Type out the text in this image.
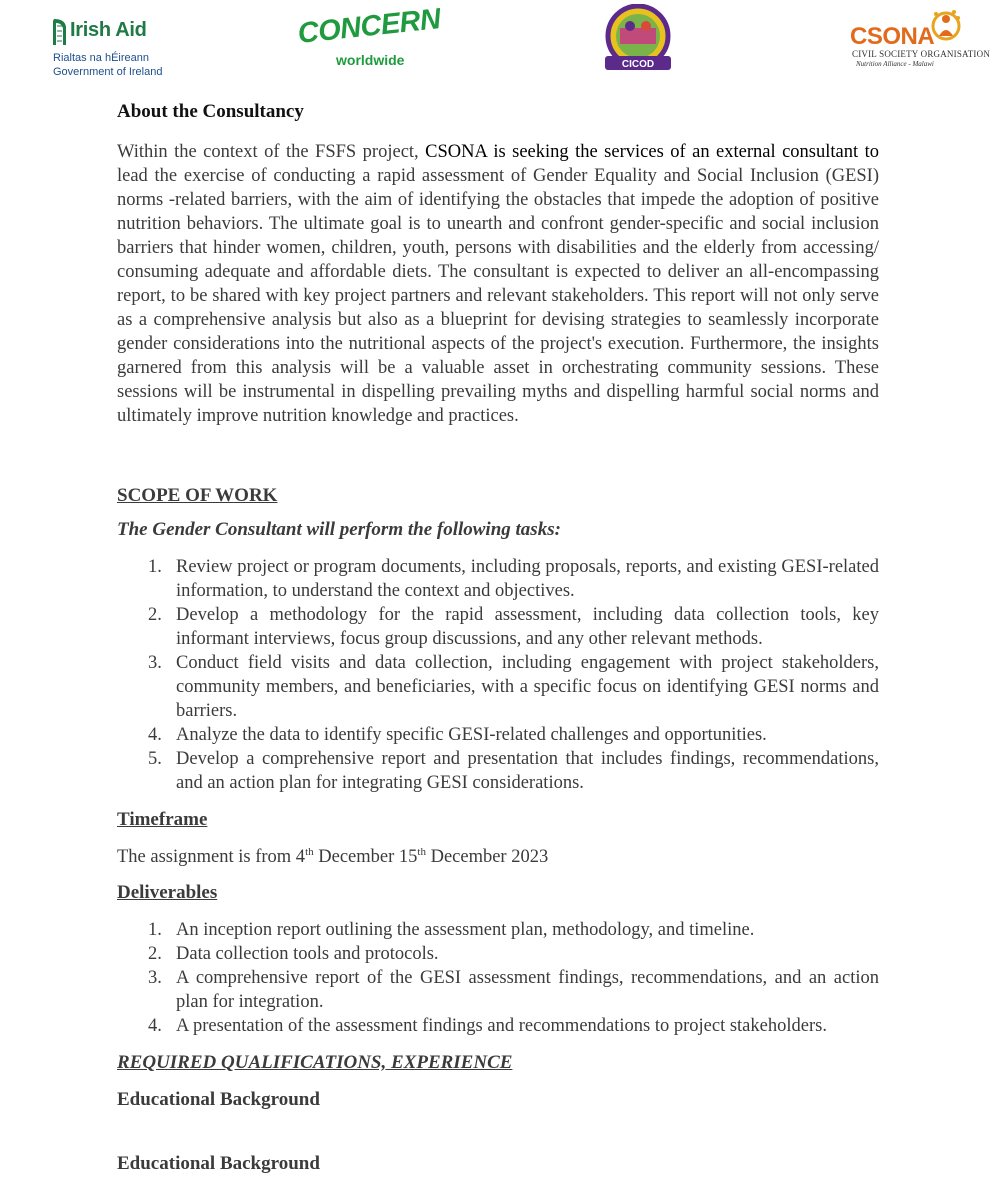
Irish Aid
Rialtas na hÉireann
Government of Ireland
CONCERN
worldwide	CICOD
CSONA
CIVIL SOCIETY ORGANISATION
Nutrition Alliance - Malawi

About the Consultancy

Within the context of the FSFS project, CSONA is seeking the services of an external consultant to lead the exercise of conducting a rapid assessment of Gender Equality and Social Inclusion (GESI) norms -related barriers, with the aim of identifying the obstacles that impede the adoption of positive nutrition behaviors. The ultimate goal is to unearth and confront gender-specific and social inclusion barriers that hinder women, children, youth, persons with disabilities and the elderly from accessing/ consuming adequate and affordable diets. The consultant is expected to deliver an all-encompassing report, to be shared with key project partners and relevant stakeholders. This report will not only serve as a comprehensive analysis but also as a blueprint for devising strategies to seamlessly incorporate gender considerations into the nutritional aspects of the project's execution. Furthermore, the insights garnered from this analysis will be a valuable asset in orchestrating community sessions. These sessions will be instrumental in dispelling prevailing myths and dispelling harmful social norms and ultimately improve nutrition knowledge and practices.

SCOPE OF WORK

The Gender Consultant will perform the following tasks:

1. Review project or program documents, including proposals, reports, and existing GESI-related information, to understand the context and objectives.
2. Develop a methodology for the rapid assessment, including data collection tools, key informant interviews, focus group discussions, and any other relevant methods.
3. Conduct field visits and data collection, including engagement with project stakeholders, community members, and beneficiaries, with a specific focus on identifying GESI norms and barriers.
4. Analyze the data to identify specific GESI-related challenges and opportunities.
5. Develop a comprehensive report and presentation that includes findings, recommendations, and an action plan for integrating GESI considerations.

Timeframe

The assignment is from 4th December 15th December 2023

Deliverables

1. An inception report outlining the assessment plan, methodology, and timeline.
2. Data collection tools and protocols.
3. A comprehensive report of the GESI assessment findings, recommendations, and an action plan for integration.
4. A presentation of the assessment findings and recommendations to project stakeholders.

REQUIRED QUALIFICATIONS, EXPERIENCE

Educational Background

Educational Background
